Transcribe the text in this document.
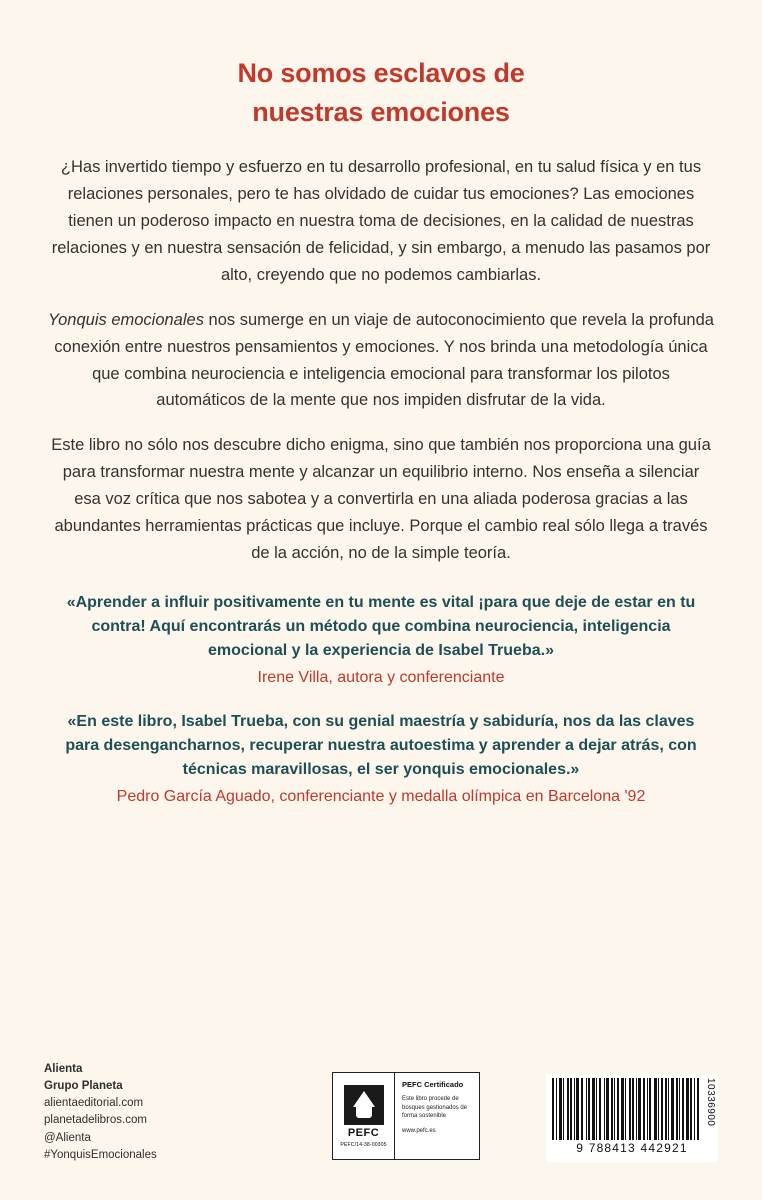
No somos esclavos de
nuestras emociones

¿Has invertido tiempo y esfuerzo en tu desarrollo profesional, en tu salud física y en tus relaciones personales, pero te has olvidado de cuidar tus emociones? Las emociones tienen un poderoso impacto en nuestra toma de decisiones, en la calidad de nuestras relaciones y en nuestra sensación de felicidad, y sin embargo, a menudo las pasamos por alto, creyendo que no podemos cambiarlas.

Yonquis emocionales nos sumerge en un viaje de autoconocimiento que revela la profunda conexión entre nuestros pensamientos y emociones. Y nos brinda una metodología única que combina neurociencia e inteligencia emocional para transformar los pilotos automáticos de la mente que nos impiden disfrutar de la vida.

Este libro no sólo nos descubre dicho enigma, sino que también nos proporciona una guía para transformar nuestra mente y alcanzar un equilibrio interno. Nos enseña a silenciar esa voz crítica que nos sabotea y a convertirla en una aliada poderosa gracias a las abundantes herramientas prácticas que incluye. Porque el cambio real sólo llega a través de la acción, no de la simple teoría.

«Aprender a influir positivamente en tu mente es vital ¡para que deje de estar en tu contra! Aquí encontrarás un método que combina neurociencia, inteligencia emocional y la experiencia de Isabel Trueba.»
Irene Villa, autora y conferenciante
«En este libro, Isabel Trueba, con su genial maestría y sabiduría, nos da las claves para desengancharnos, recuperar nuestra autoestima y aprender a dejar atrás, con técnicas maravillosas, el ser yonquis emocionales.»
Pedro García Aguado, conferenciante y medalla olímpica en Barcelona '92
Alienta
Grupo Planeta
alientaeditorial.com
planetadelibros.com
@Alienta
#YonquisEmocionales
PEFC
PEFC/14-38-00305
PEFC Certificado
Este libro procede de bosques gestionados de forma sostenible
www.pefc.es
9 788413 442921
10336900
